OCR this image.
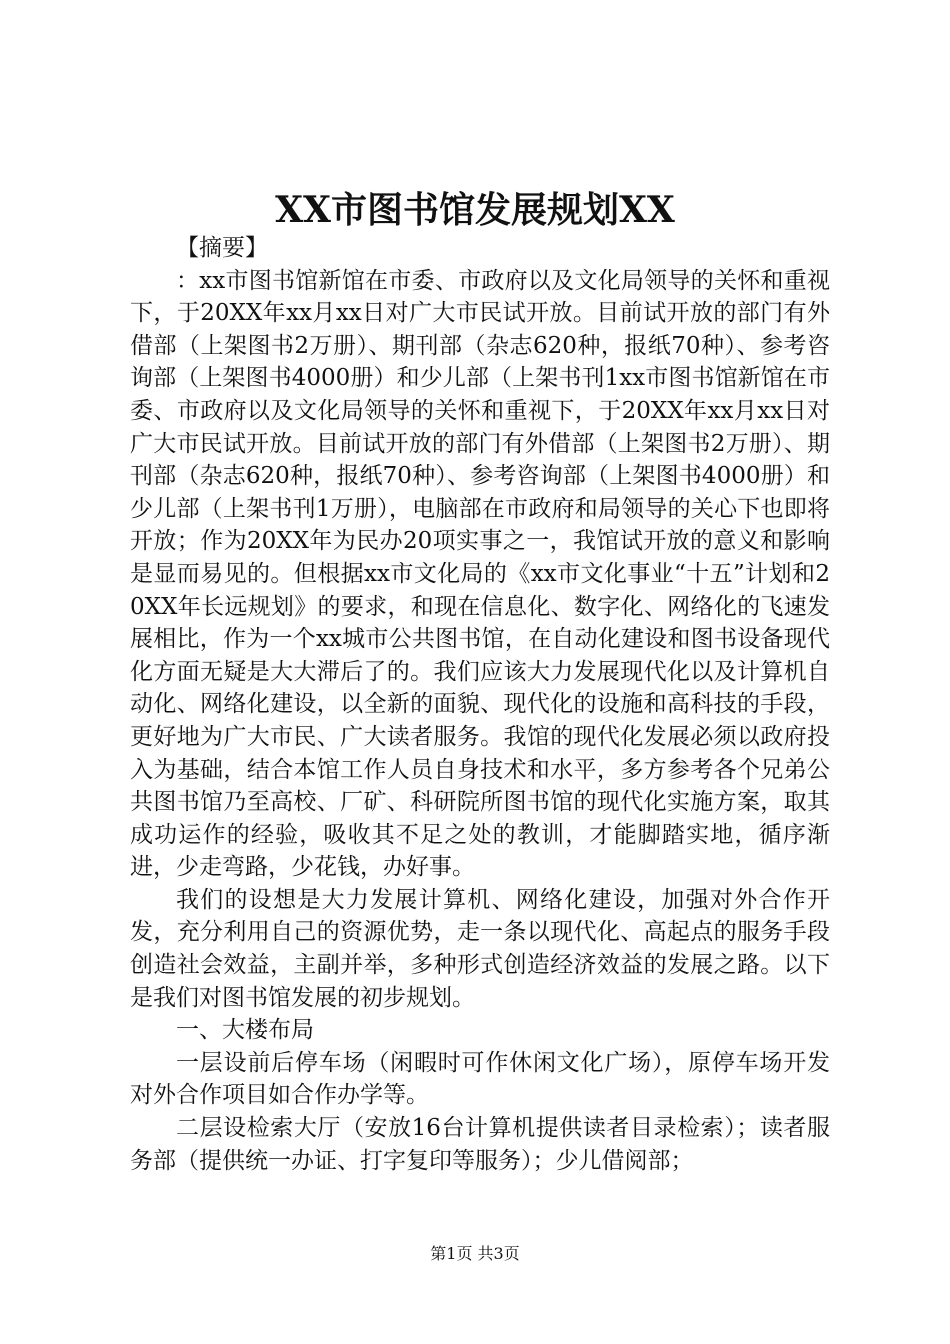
XX市图书馆发展规划XX

【摘要】

：xx市图书馆新馆在市委、市政府以及文化局领导的关怀和重视下，于20XX年xx月xx日对广大市民试开放。目前试开放的部门有外借部（上架图书2万册）、期刊部（杂志620种，报纸70种）、参考咨询部（上架图书4000册）和少儿部（上架书刊1xx市图书馆新馆在市委、市政府以及文化局领导的关怀和重视下，于20XX年xx月xx日对广大市民试开放。目前试开放的部门有外借部（上架图书2万册）、期刊部（杂志620种，报纸70种）、参考咨询部（上架图书4000册）和少儿部（上架书刊1万册），电脑部在市政府和局领导的关心下也即将开放；作为20XX年为民办20项实事之一，我馆试开放的意义和影响是显而易见的。但根据xx市文化局的《xx市文化事业“十五”计划和20XX年长远规划》的要求，和现在信息化、数字化、网络化的飞速发展相比，作为一个xx城市公共图书馆，在自动化建设和图书设备现代化方面无疑是大大滞后了的。我们应该大力发展现代化以及计算机自动化、网络化建设，以全新的面貌、现代化的设施和高科技的手段，更好地为广大市民、广大读者服务。我馆的现代化发展必须以政府投入为基础，结合本馆工作人员自身技术和水平，多方参考各个兄弟公共图书馆乃至高校、厂矿、科研院所图书馆的现代化实施方案，取其成功运作的经验，吸收其不足之处的教训，才能脚踏实地，循序渐进，少走弯路，少花钱，办好事。

我们的设想是大力发展计算机、网络化建设，加强对外合作开发，充分利用自己的资源优势，走一条以现代化、高起点的服务手段创造社会效益，主副并举，多种形式创造经济效益的发展之路。以下是我们对图书馆发展的初步规划。

一、大楼布局

一层设前后停车场（闲暇时可作休闲文化广场），原停车场开发对外合作项目如合作办学等。

二层设检索大厅（安放16台计算机提供读者目录检索）；读者服务部（提供统一办证、打字复印等服务）；少儿借阅部；

第1页 共3页
